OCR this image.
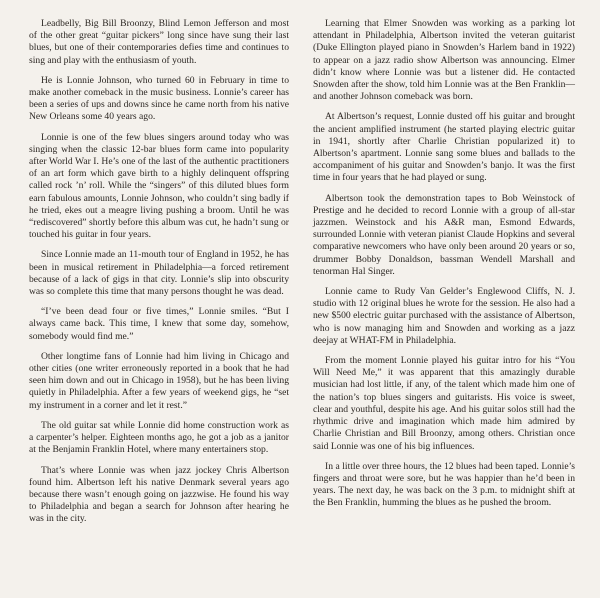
Leadbelly, Big Bill Broonzy, Blind Lemon Jefferson and most of the other great “guitar pickers” long since have sung their last blues, but one of their contemporaries defies time and continues to sing and play with the enthusiasm of youth.

He is Lonnie Johnson, who turned 60 in February in time to make another comeback in the music business. Lonnie’s career has been a series of ups and downs since he came north from his native New Orleans some 40 years ago.

Lonnie is one of the few blues singers around today who was singing when the classic 12-bar blues form came into popularity after World War I. He’s one of the last of the authentic practitioners of an art form which gave birth to a highly delinquent offspring called rock ’n’ roll. While the “singers” of this diluted blues form earn fabulous amounts, Lonnie Johnson, who couldn’t sing badly if he tried, ekes out a meagre living pushing a broom. Until he was “rediscovered” shortly before this album was cut, he hadn’t sung or touched his guitar in four years.

Since Lonnie made an 11-mouth tour of England in 1952, he has been in musical retirement in Philadelphia—a forced retirement because of a lack of gigs in that city. Lonnie’s slip into obscurity was so complete this time that many persons thought he was dead.

“I’ve been dead four or five times,” Lonnie smiles. “But I always came back. This time, I knew that some day, somehow, somebody would find me.”

Other longtime fans of Lonnie had him living in Chicago and other cities (one writer erroneously reported in a book that he had seen him down and out in Chicago in 1958), but he has been living quietly in Philadelphia. After a few years of weekend gigs, he “set my instrument in a corner and let it rest.”

The old guitar sat while Lonnie did home construction work as a carpenter’s helper. Eighteen months ago, he got a job as a janitor at the Benjamin Franklin Hotel, where many entertainers stop.

That’s where Lonnie was when jazz jockey Chris Albertson found him. Albertson left his native Denmark several years ago because there wasn’t enough going on jazzwise. He found his way to Philadelphia and began a search for Johnson after hearing he was in the city.

Learning that Elmer Snowden was working as a parking lot attendant in Philadelphia, Albertson invited the veteran guitarist (Duke Ellington played piano in Snowden’s Harlem band in 1922) to appear on a jazz radio show Albertson was announcing. Elmer didn’t know where Lonnie was but a listener did. He contacted Snowden after the show, told him Lonnie was at the Ben Franklin—and another Johnson comeback was born.

At Albertson’s request, Lonnie dusted off his guitar and brought the ancient amplified instrument (he started playing electric guitar in 1941, shortly after Charlie Christian popularized it) to Albertson’s apartment. Lonnie sang some blues and ballads to the accompaniment of his guitar and Snowden’s banjo. It was the first time in four years that he had played or sung.

Albertson took the demonstration tapes to Bob Weinstock of Prestige and he decided to record Lonnie with a group of all-star jazzmen. Weinstock and his A&R man, Esmond Edwards, surrounded Lonnie with veteran pianist Claude Hopkins and several comparative newcomers who have only been around 20 years or so, drummer Bobby Donaldson, bassman Wendell Marshall and tenorman Hal Singer.

Lonnie came to Rudy Van Gelder’s Englewood Cliffs, N. J. studio with 12 original blues he wrote for the session. He also had a new $500 electric guitar purchased with the assistance of Albertson, who is now managing him and Snowden and working as a jazz deejay at WHAT-FM in Philadelphia.

From the moment Lonnie played his guitar intro for his “You Will Need Me,” it was apparent that this amazingly durable musician had lost little, if any, of the talent which made him one of the nation’s top blues singers and guitarists. His voice is sweet, clear and youthful, despite his age. And his guitar solos still had the rhythmic drive and imagination which made him admired by Charlie Christian and Bill Broonzy, among others. Christian once said Lonnie was one of his big influences.

In a little over three hours, the 12 blues had been taped. Lonnie’s fingers and throat were sore, but he was happier than he’d been in years. The next day, he was back on the 3 p.m. to midnight shift at the Ben Franklin, humming the blues as he pushed the broom.
